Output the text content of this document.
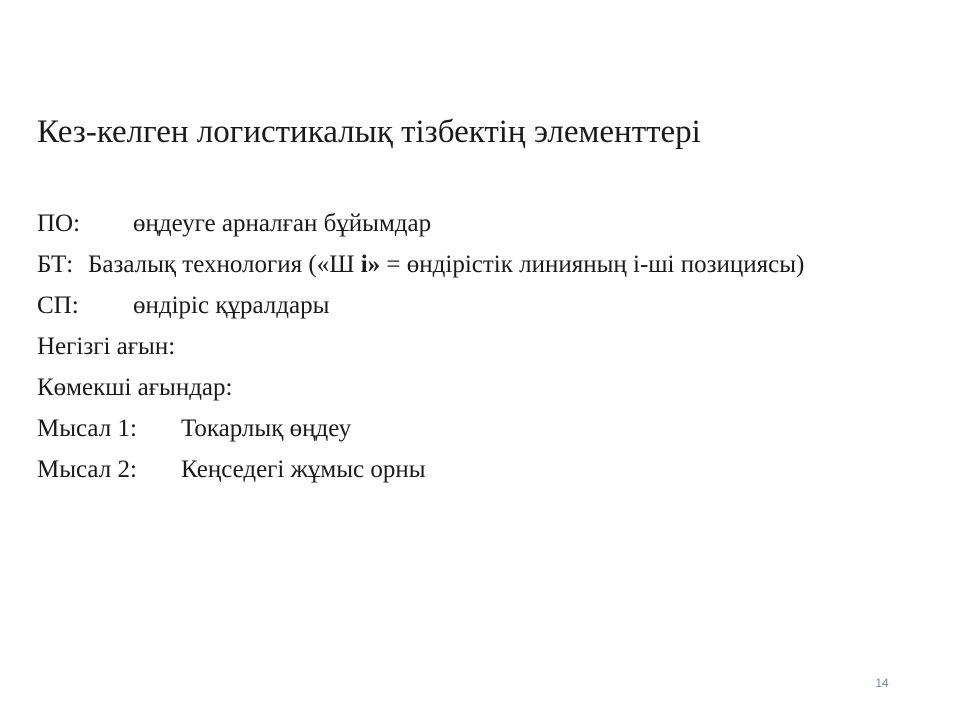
Кез-келген логистикалық тізбектің элементтері
ПО:	өңдеуге арналған бұйымдар
БТ: Базалық технология («Ш i» = өндірістік линияның i-ші позициясы)
СП:	өндіріс құралдары
Негізгі ағын:
Көмекші ағындар:
Мысал 1:	Токарлық өңдеу
Мысал 2:	Кеңседегі жұмыс орны
14
